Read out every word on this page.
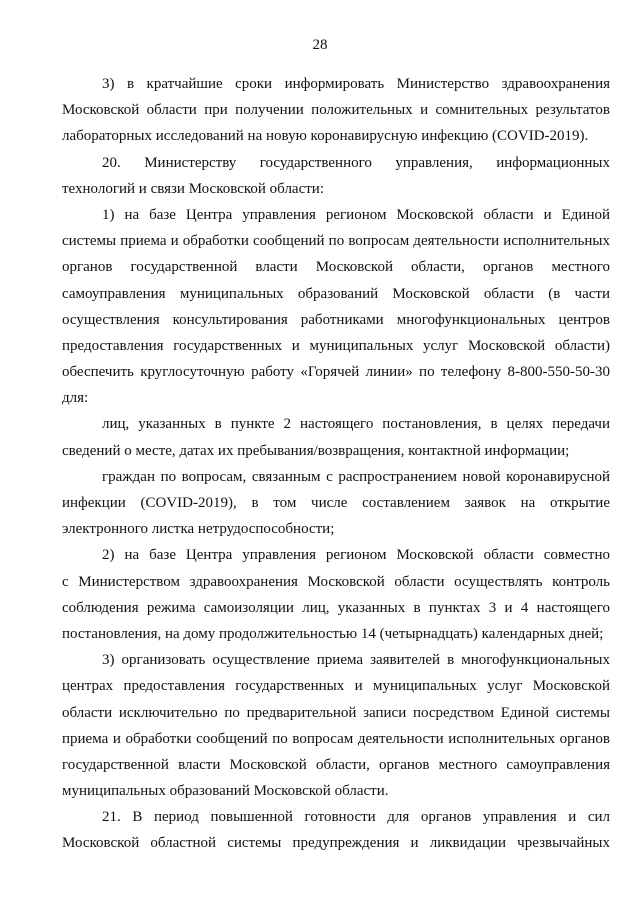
28
3) в кратчайшие сроки информировать Министерство здравоохранения
Московской области при получении положительных и сомнительных результатов
лабораторных исследований на новую коронавирусную инфекцию (COVID-2019).
20. Министерству государственного управления, информационных
технологий и связи Московской области:
1) на базе Центра управления регионом Московской области и Единой
системы приема и обработки сообщений по вопросам деятельности исполнительных
органов государственной власти Московской области, органов местного
самоуправления муниципальных образований Московской области (в части
осуществления консультирования работниками многофункциональных центров
предоставления государственных и муниципальных услуг Московской области)
обеспечить круглосуточную работу «Горячей линии» по телефону 8-800-550-50-30
для:
лиц, указанных в пункте 2 настоящего постановления, в целях передачи
сведений о месте, датах их пребывания/возвращения, контактной информации;
граждан по вопросам, связанным с распространением новой коронавирусной
инфекции (COVID-2019), в том числе составлением заявок на открытие
электронного листка нетрудоспособности;
2) на базе Центра управления регионом Московской области совместно
с Министерством здравоохранения Московской области осуществлять контроль
соблюдения режима самоизоляции лиц, указанных в пунктах 3 и 4 настоящего
постановления, на дому продолжительностью 14 (четырнадцать) календарных дней;
3) организовать осуществление приема заявителей в многофункциональных
центрах предоставления государственных и муниципальных услуг Московской
области исключительно по предварительной записи посредством Единой системы
приема и обработки сообщений по вопросам деятельности исполнительных органов
государственной власти Московской области, органов местного самоуправления
муниципальных образований Московской области.
21. В период повышенной готовности для органов управления и сил
Московской областной системы предупреждения и ликвидации чрезвычайных
